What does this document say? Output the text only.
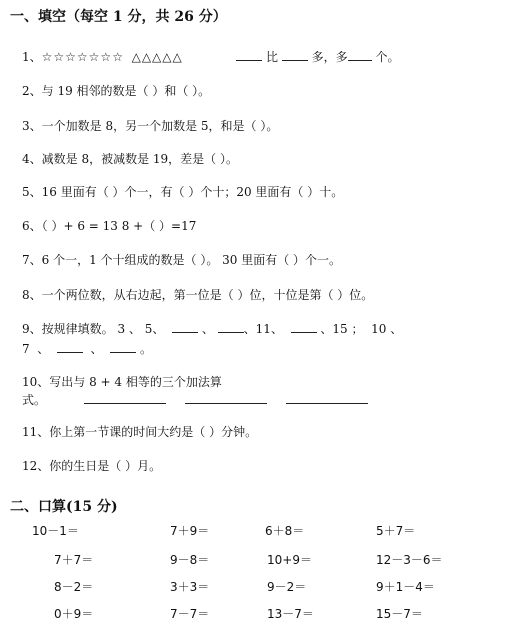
一、填空（每空 1 分，共 26 分）
1、☆☆☆☆☆☆☆ △△△△△	比	多，多 个。
2、与 19 相邻的数是（ ）和（ ）。
3、一个加数是 8，另一个加数是 5，和是（ ）。
4、减数是 8，被减数是 19，差是（ ）。
5、16 里面有（ ）个一，有（ ）个十；20 里面有（ ）十。
6、（ ）+ 6 = 13 8 +（ ）=17
7、6 个一，1 个十组成的数是（ ）。 30 里面有（ ）个一。
8、一个两位数，从右边起，第一位是（ ）位，十位是第（ ）位。
9、按规律填数。 3 、 5、	、 、11、	、15 ；  10 、
7  、	、	。
10、写出与 8 + 4 相等的三个加法算
式。
11、你上第一节课的时间大约是（ ）分钟。
12、你的生日是（ ）月。
二、口算(15 分)
10－1＝	7＋9＝	6＋8＝	5＋7＝
7＋7＝	9－8＝	10+9＝	12－3－6＝
8－2＝	3＋3＝	9－2＝	9＋1－4＝
0＋9＝	7－7＝	13－7＝	15－7＝
